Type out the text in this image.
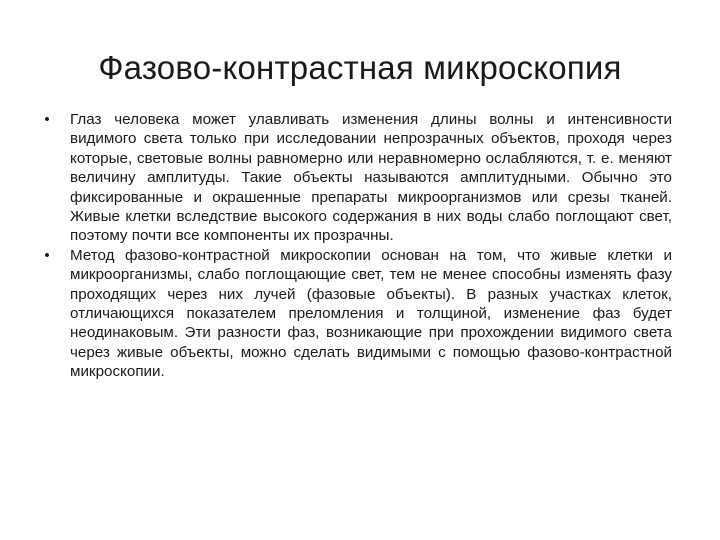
Фазово-контрастная микроскопия
• Глаз человека может улавливать изменения длины волны и интенсивности видимого света только при исследовании непрозрачных объектов, проходя через которые, световые волны равномерно или неравномерно ослабляются, т. е. меняют величину амплитуды. Такие объекты называются амплитудными. Обычно это фиксированные и окрашенные препараты микроорганизмов или срезы тканей. Живые клетки вследствие высокого содержания в них воды слабо поглощают свет, поэтому почти все компоненты их прозрачны.
• Метод фазово-контрастной микроскопии основан на том, что живые клетки и микроорганизмы, слабо поглощающие свет, тем не менее способны изменять фазу проходящих через них лучей (фазовые объекты). В разных участках клеток, отличающихся показателем преломления и толщиной, изменение фаз будет неодинаковым. Эти разности фаз, возникающие при прохождении видимого света через живые объекты, можно сделать видимыми с помощью фазово-контрастной микроскопии.
